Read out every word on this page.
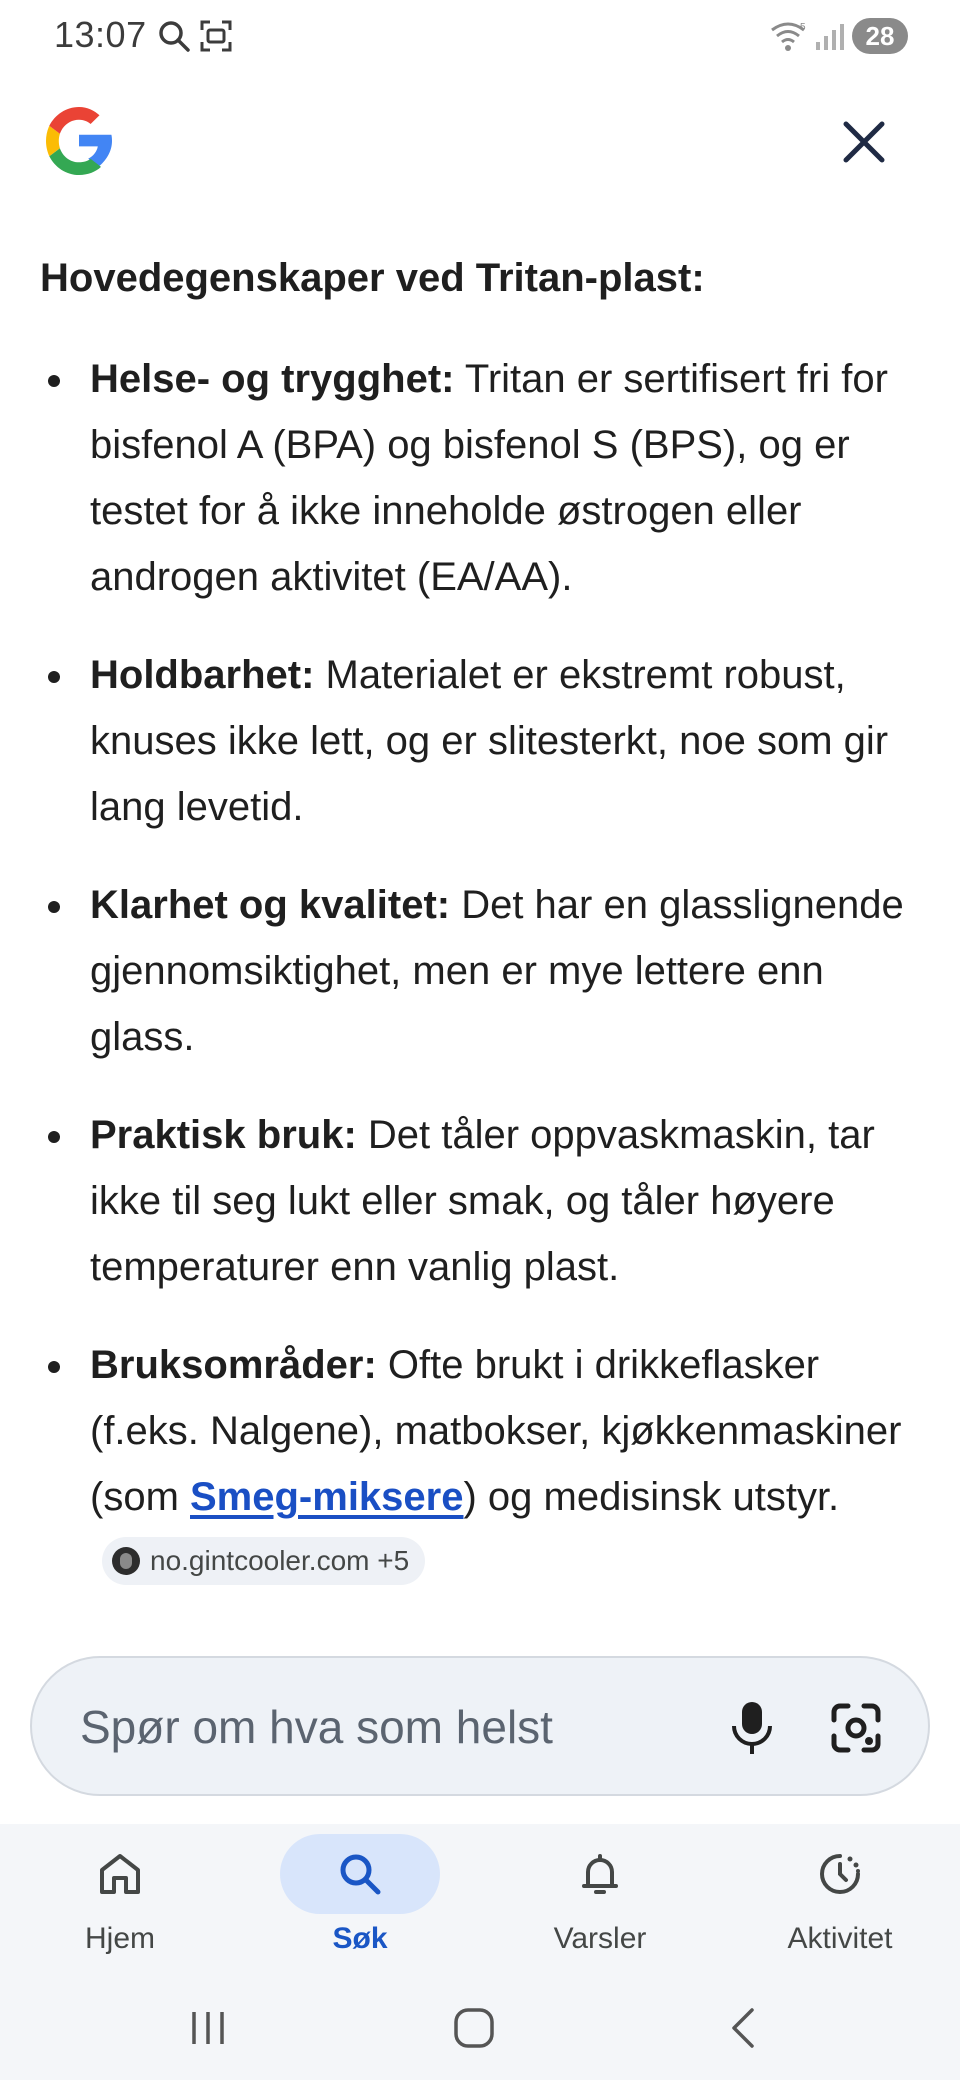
13:07	5	28
Hovedegenskaper ved Tritan-plast:
Helse- og trygghet: Tritan er sertifisert fri for bisfenol A (BPA) og bisfenol S (BPS), og er testet for å ikke inneholde østrogen eller androgen aktivitet (EA/AA).
Holdbarhet: Materialet er ekstremt robust, knuses ikke lett, og er slitesterkt, noe som gir lang levetid.
Klarhet og kvalitet: Det har en glasslignende gjennomsiktighet, men er mye lettere enn glass.
Praktisk bruk: Det tåler oppvaskmaskin, tar ikke til seg lukt eller smak, og tåler høyere temperaturer enn vanlig plast.
Bruksområder: Ofte brukt i drikkeflasker (f.eks. Nalgene), matbokser, kjøkkenmaskiner (som Smeg-miksere) og medisinsk utstyr.
no.gintcooler.com +5
Spør om hva som helst
Hjem	Søk	Varsler	Aktivitet
